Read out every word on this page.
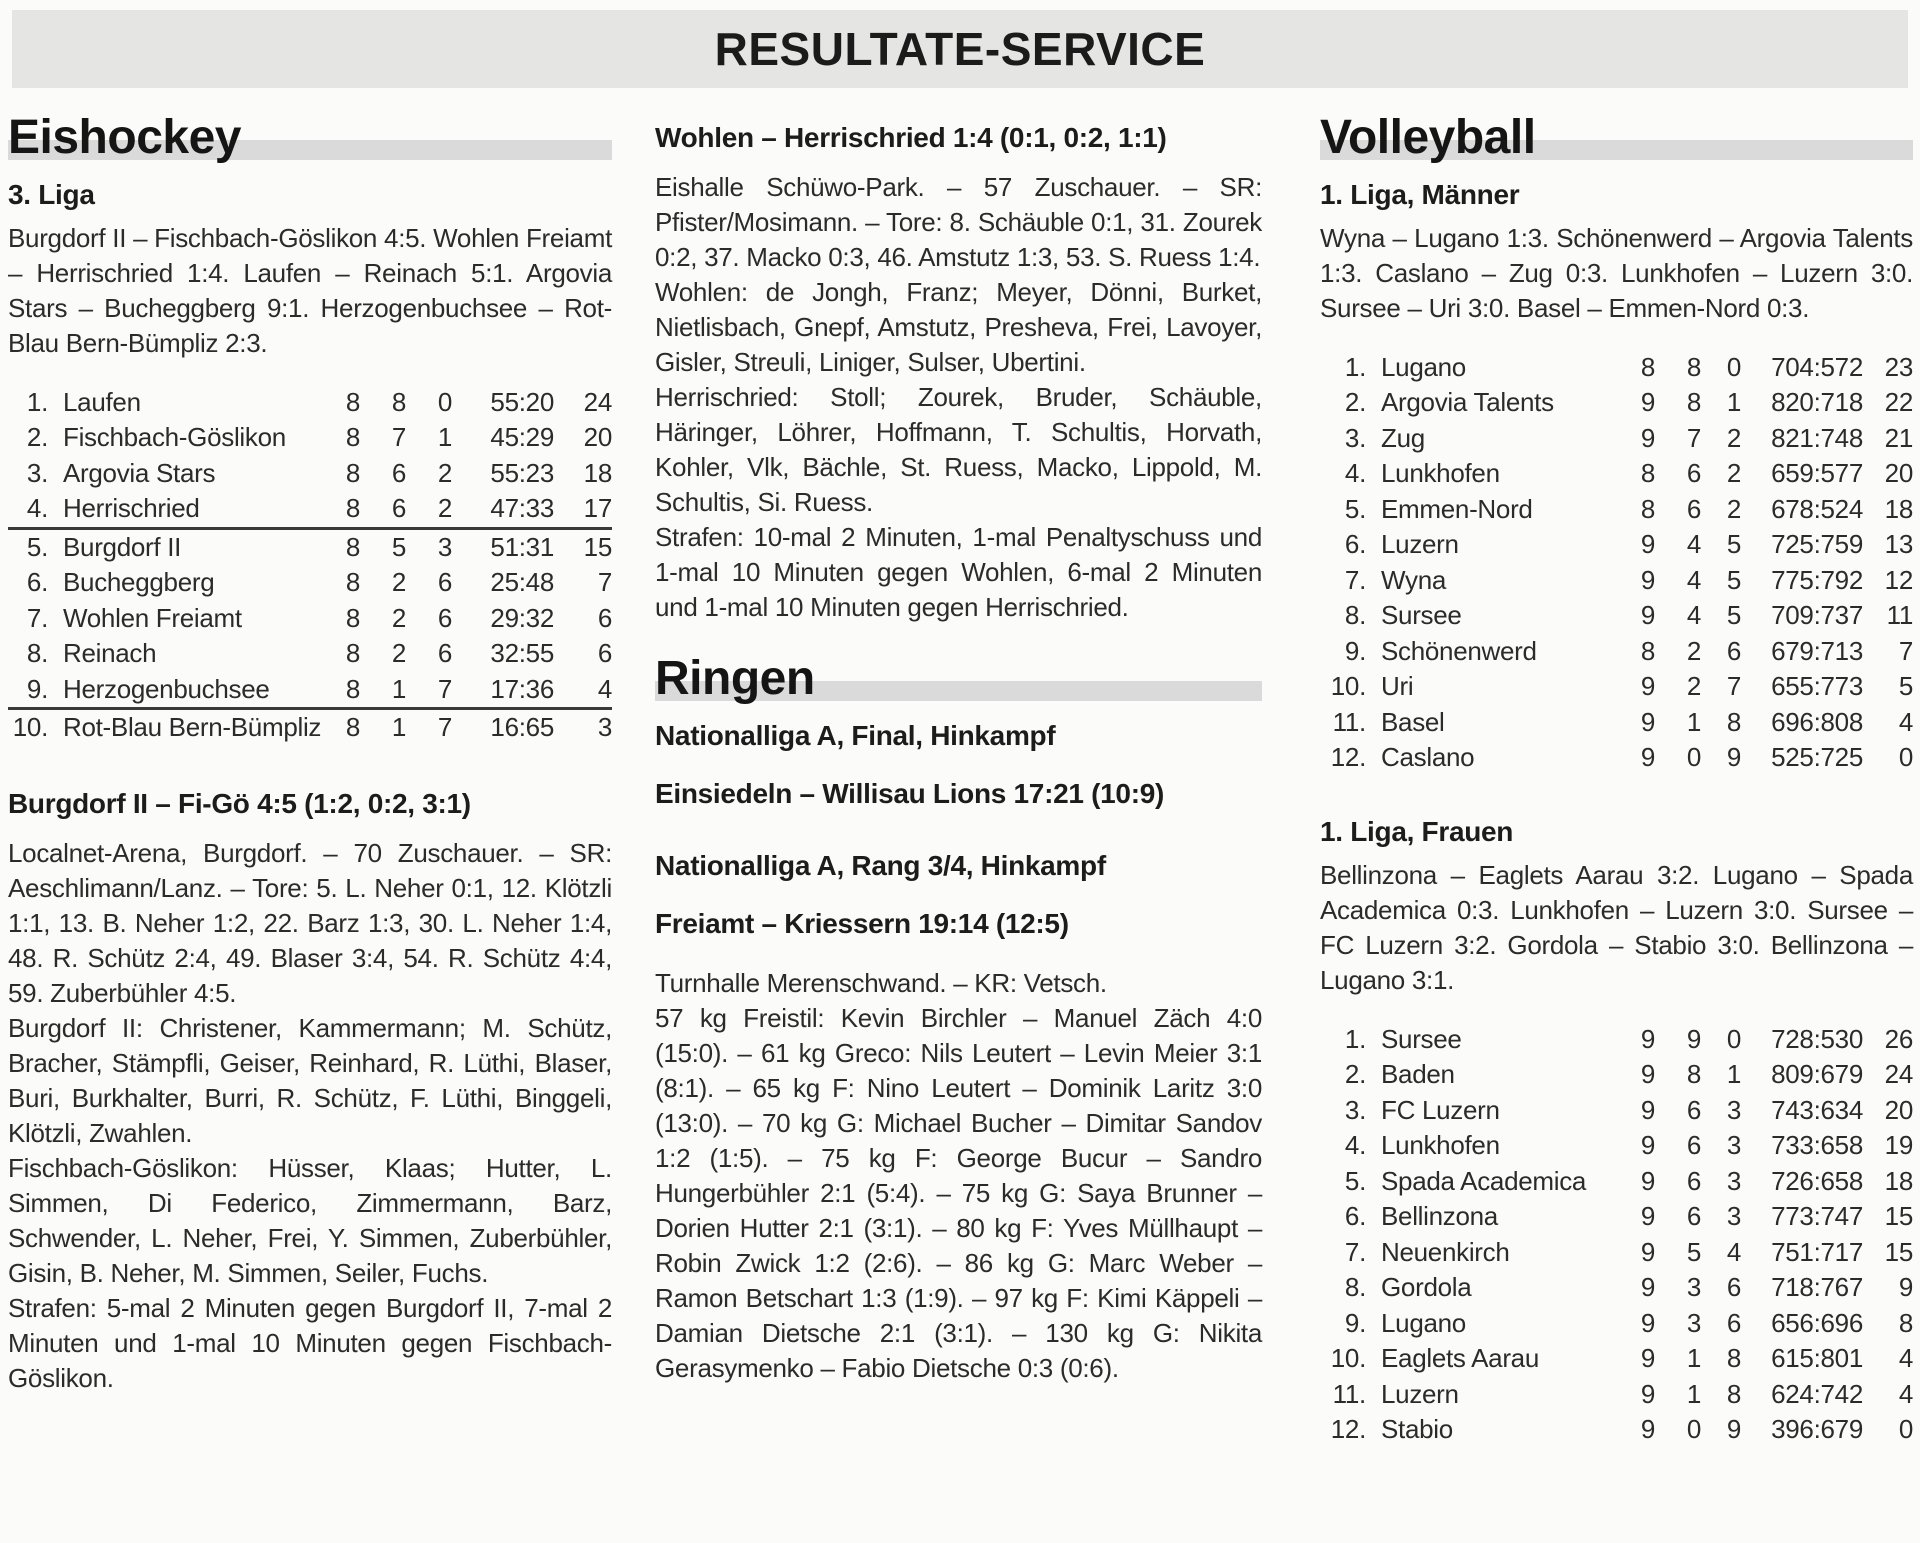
RESULTATE-SERVICE
Eishockey
3. Liga

Burgdorf II – Fischbach-Göslikon 4:5. Wohlen Freiamt – Herrischried 1:4. Laufen – Reinach 5:1. Argovia Stars – Bucheggberg 9:1. Herzogenbuchsee – Rot-Blau Bern-Bümpliz 2:3.

1. Laufen	8	8	0	55:20	24
2. Fischbach-Göslikon	8	7	1	45:29	20
3. Argovia Stars	8	6	2	55:23	18
4. Herrischried	8	6	2	47:33	17
5. Burgdorf II	8	5	3	51:31	15
6. Bucheggberg	8	2	6	25:48	7
7. Wohlen Freiamt	8	2	6	29:32	6
8. Reinach	8	2	6	32:55	6
9. Herzogenbuchsee	8	1	7	17:36	4
10. Rot-Blau Bern-Bümpliz 8	1	7	16:65	3
Burgdorf II – Fi-Gö 4:5 (1:2, 0:2, 3:1)

Localnet-Arena, Burgdorf. – 70 Zuschauer. – SR: Aeschlimann/Lanz. – Tore: 5. L. Neher 0:1, 12. Klötzli 1:1, 13. B. Neher 1:2, 22. Barz 1:3, 30. L. Neher 1:4, 48. R. Schütz 2:4, 49. Blaser 3:4, 54. R. Schütz 4:4, 59. Zuberbühler 4:5.

Burgdorf II: Christener, Kammermann; M. Schütz, Bracher, Stämpfli, Geiser, Reinhard, R. Lüthi, Blaser, Buri, Burkhalter, Burri, R. Schütz, F. Lüthi, Binggeli, Klötzli, Zwahlen.

Fischbach-Göslikon: Hüsser, Klaas; Hutter, L. Simmen, Di Federico, Zimmermann, Barz, Schwender, L. Neher, Frei, Y. Simmen, Zuberbühler, Gisin, B. Neher, M. Simmen, Seiler, Fuchs.

Strafen: 5-mal 2 Minuten gegen Burgdorf II, 7-mal 2 Minuten und 1-mal 10 Minuten gegen Fischbach-Göslikon.

Wohlen – Herrischried 1:4 (0:1, 0:2, 1:1)

Eishalle Schüwo-Park. – 57 Zuschauer. – SR: Pfister/Mosimann. – Tore: 8. Schäuble 0:1, 31. Zourek 0:2, 37. Macko 0:3, 46. Amstutz 1:3, 53. S. Ruess 1:4.

Wohlen: de Jongh, Franz; Meyer, Dönni, Burket, Nietlisbach, Gnepf, Amstutz, Presheva, Frei, Lavoyer, Gisler, Streuli, Liniger, Sulser, Ubertini.

Herrischried: Stoll; Zourek, Bruder, Schäuble, Häringer, Löhrer, Hoffmann, T. Schultis, Horvath, Kohler, Vlk, Bächle, St. Ruess, Macko, Lippold, M. Schultis, Si. Ruess.

Strafen: 10-mal 2 Minuten, 1-mal Penaltyschuss und 1-mal 10 Minuten gegen Wohlen, 6-mal 2 Minuten und 1-mal 10 Minuten gegen Herrischried.

Ringen
Nationalliga A, Final, Hinkampf
Einsiedeln – Willisau Lions 17:21 (10:9)
Nationalliga A, Rang 3/4, Hinkampf
Freiamt – Kriessern 19:14 (12:5)

Turnhalle Merenschwand. – KR: Vetsch.

57 kg Freistil: Kevin Birchler – Manuel Zäch 4:0 (15:0). – 61 kg Greco: Nils Leutert – Levin Meier 3:1 (8:1). – 65 kg F: Nino Leutert – Dominik Laritz 3:0 (13:0). – 70 kg G: Michael Bucher – Dimitar Sandov 1:2 (1:5). – 75 kg F: George Bucur – Sandro Hungerbühler 2:1 (5:4). – 75 kg G: Saya Brunner – Dorien Hutter 2:1 (3:1). – 80 kg F: Yves Müllhaupt – Robin Zwick 1:2 (2:6). – 86 kg G: Marc Weber – Ramon Betschart 1:3 (1:9). – 97 kg F: Kimi Käppeli – Damian Dietsche 2:1 (3:1). – 130 kg G: Nikita Gerasymenko – Fabio Dietsche 0:3 (0:6).

Volleyball
1. Liga, Männer

Wyna – Lugano 1:3. Schönenwerd – Argovia Talents 1:3. Caslano – Zug 0:3. Lunkhofen – Luzern 3:0. Sursee – Uri 3:0. Basel – Emmen-Nord 0:3.

1. Lugano	8	8 0	704:572 23
2. Argovia Talents	9	8 1	820:718 22
3. Zug	9	7 2	821:748 21
4. Lunkhofen	8	6 2	659:577 20
5. Emmen-Nord	8	6 2	678:524 18
6. Luzern	9	4 5	725:759 13
7. Wyna	9	4 5	775:792 12
8. Sursee	9	4 5	709:737 11
9. Schönenwerd	8	2 6	679:713	7
10. Uri	9	2 7	655:773	5
11. Basel	9	1 8	696:808	4
12. Caslano	9	0 9	525:725	0
1. Liga, Frauen

Bellinzona – Eaglets Aarau 3:2. Lugano – Spada Academica 0:3. Lunkhofen – Luzern 3:0. Sursee – FC Luzern 3:2. Gordola – Stabio 3:0. Bellinzona – Lugano 3:1.

1. Sursee	9	9 0	728:530 26
2. Baden	9	8 1	809:679 24
3. FC Luzern	9	6 3	743:634 20
4. Lunkhofen	9	6 3	733:658 19
5. Spada Academica	9	6 3	726:658 18
6. Bellinzona	9	6 3	773:747 15
7. Neuenkirch	9	5 4	751:717 15
8. Gordola	9	3 6	718:767	9
9. Lugano	9	3 6	656:696	8
10. Eaglets Aarau	9	1 8	615:801	4
11. Luzern	9	1 8	624:742	4
12. Stabio	9	0 9	396:679	0
